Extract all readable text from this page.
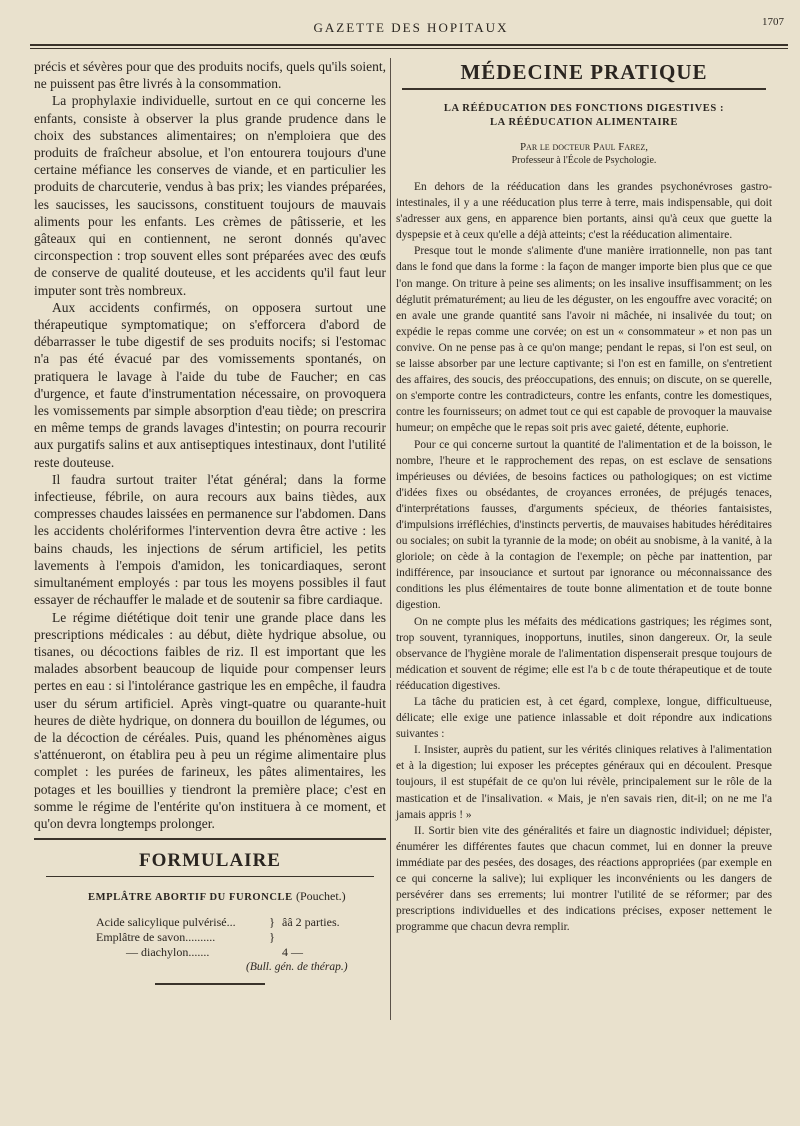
GAZETTE DES HOPITAUX	1707

précis et sévères pour que des produits nocifs, quels qu'ils soient, ne puissent pas être livrés à la consommation.

La prophylaxie individuelle, surtout en ce qui concerne les enfants, consiste à observer la plus grande prudence dans le choix des substances alimentaires; on n'emploiera que des produits de fraîcheur absolue, et l'on entourera toujours d'une certaine méfiance les conserves de viande, et en particulier les produits de charcuterie, vendus à bas prix; les viandes préparées, les saucisses, les saucissons, constituent toujours de mauvais aliments pour les enfants. Les crèmes de pâtisserie, et les gâteaux qui en contiennent, ne seront donnés qu'avec circonspection : trop souvent elles sont préparées avec des œufs de conserve de qualité douteuse, et les accidents qu'il faut leur imputer sont très nombreux.

Aux accidents confirmés, on opposera surtout une thérapeutique symptomatique; on s'efforcera d'abord de débarrasser le tube digestif de ses produits nocifs; si l'estomac n'a pas été évacué par des vomissements spontanés, on pratiquera le lavage à l'aide du tube de Faucher; en cas d'urgence, et faute d'instrumentation nécessaire, on provoquera les vomissements par simple absorption d'eau tiède; on prescrira en même temps de grands lavages d'intestin; on pourra recourir aux purgatifs salins et aux antiseptiques intestinaux, dont l'utilité reste douteuse.

Il faudra surtout traiter l'état général; dans la forme infectieuse, fébrile, on aura recours aux bains tièdes, aux compresses chaudes laissées en permanence sur l'abdomen. Dans les accidents cholériformes l'intervention devra être active : les bains chauds, les injections de sérum artificiel, les petits lavements à l'empois d'amidon, les tonicardiaques, seront simultanément employés : par tous les moyens possibles il faut essayer de réchauffer le malade et de soutenir sa fibre cardiaque.

Le régime diététique doit tenir une grande place dans les prescriptions médicales : au début, diète hydrique absolue, ou tisanes, ou décoctions faibles de riz. Il est important que les malades absorbent beaucoup de liquide pour compenser leurs pertes en eau : si l'intolérance gastrique les en empêche, il faudra user du sérum artificiel. Après vingt-quatre ou quarante-huit heures de diète hydrique, on donnera du bouillon de légumes, ou de la décoction de céréales. Puis, quand les phénomènes aigus s'atténueront, on établira peu à peu un régime alimentaire plus complet : les purées de farineux, les pâtes alimentaires, les potages et les bouillies y tiendront la première place; c'est en somme le régime de l'entérite qu'on instituera à ce moment, et qu'on devra longtemps prolonger.

FORMULAIRE
EMPLÂTRE ABORTIF DU FURONCLE (Pouchet.)
Acide salicylique pulvérisé...	} ââ 2 parties.
Emplâtre de savon..........	}
— diachylon.......	4 —
(Bull. gén. de thérap.)
MÉDECINE PRATIQUE
LA RÉÉDUCATION DES FONCTIONS DIGESTIVES :
LA RÉÉDUCATION ALIMENTAIRE
Par le docteur Paul Farez,
Professeur à l'École de Psychologie.

En dehors de la rééducation dans les grandes psychonévroses gastro-intestinales, il y a une rééducation plus terre à terre, mais indispensable, qui doit s'adresser aux gens, en apparence bien portants, ainsi qu'à ceux que guette la dyspepsie et à ceux qu'elle a déjà atteints; c'est la rééducation alimentaire.

Presque tout le monde s'alimente d'une manière irrationnelle, non pas tant dans le fond que dans la forme : la façon de manger importe bien plus que ce que l'on mange. On triture à peine ses aliments; on les insalive insuffisamment; on les déglutit prématurément; au lieu de les déguster, on les engouffre avec voracité; on en avale une grande quantité sans l'avoir ni mâchée, ni insalivée du tout; on expédie le repas comme une corvée; on est un « consommateur » et non pas un convive. On ne pense pas à ce qu'on mange; pendant le repas, si l'on est seul, on se laisse absorber par une lecture captivante; si l'on est en famille, on s'entretient des affaires, des soucis, des préoccupations, des ennuis; on discute, on se querelle, on s'emporte contre les contradicteurs, contre les enfants, contre les domestiques, contre les fournisseurs; on admet tout ce qui est capable de provoquer la mauvaise humeur; on empêche que le repas soit pris avec gaieté, détente, euphorie.

Pour ce qui concerne surtout la quantité de l'alimentation et de la boisson, le nombre, l'heure et le rapprochement des repas, on est esclave de sensations impérieuses ou déviées, de besoins factices ou pathologiques; on est victime d'idées fixes ou obsédantes, de croyances erronées, de préjugés tenaces, d'interprétations fausses, d'arguments spécieux, de théories fantaisistes, d'impulsions irréfléchies, d'instincts pervertis, de mauvaises habitudes héréditaires ou sociales; on subit la tyrannie de la mode; on obéit au snobisme, à la vanité, à la gloriole; on cède à la contagion de l'exemple; on pèche par inattention, par indifférence, par insouciance et surtout par ignorance ou méconnaissance des conditions les plus élémentaires de toute bonne alimentation et de toute bonne digestion.

On ne compte plus les méfaits des médications gastriques; les régimes sont, trop souvent, tyranniques, inopportuns, inutiles, sinon dangereux. Or, la seule observance de l'hygiène morale de l'alimentation dispenserait presque toujours de médication et souvent de régime; elle est l'a b c de toute thérapeutique et de toute rééducation digestives.

La tâche du praticien est, à cet égard, complexe, longue, difficultueuse, délicate; elle exige une patience inlassable et doit répondre aux indications suivantes :

I. Insister, auprès du patient, sur les vérités cliniques relatives à l'alimentation et à la digestion; lui exposer les préceptes généraux qui en découlent. Presque toujours, il est stupéfait de ce qu'on lui révèle, principalement sur le rôle de la mastication et de l'insalivation. « Mais, je n'en savais rien, dit-il; on ne me l'a jamais appris ! »

II. Sortir bien vite des généralités et faire un diagnostic individuel; dépister, énumérer les différentes fautes que chacun commet, lui en donner la preuve immédiate par des pesées, des dosages, des réactions appropriées (par exemple en ce qui concerne la salive); lui expliquer les inconvénients ou les dangers de persévérer dans ses errements; lui montrer l'utilité de se réformer; par des prescriptions individuelles et des indications précises, exposer nettement le programme que chacun devra remplir.
